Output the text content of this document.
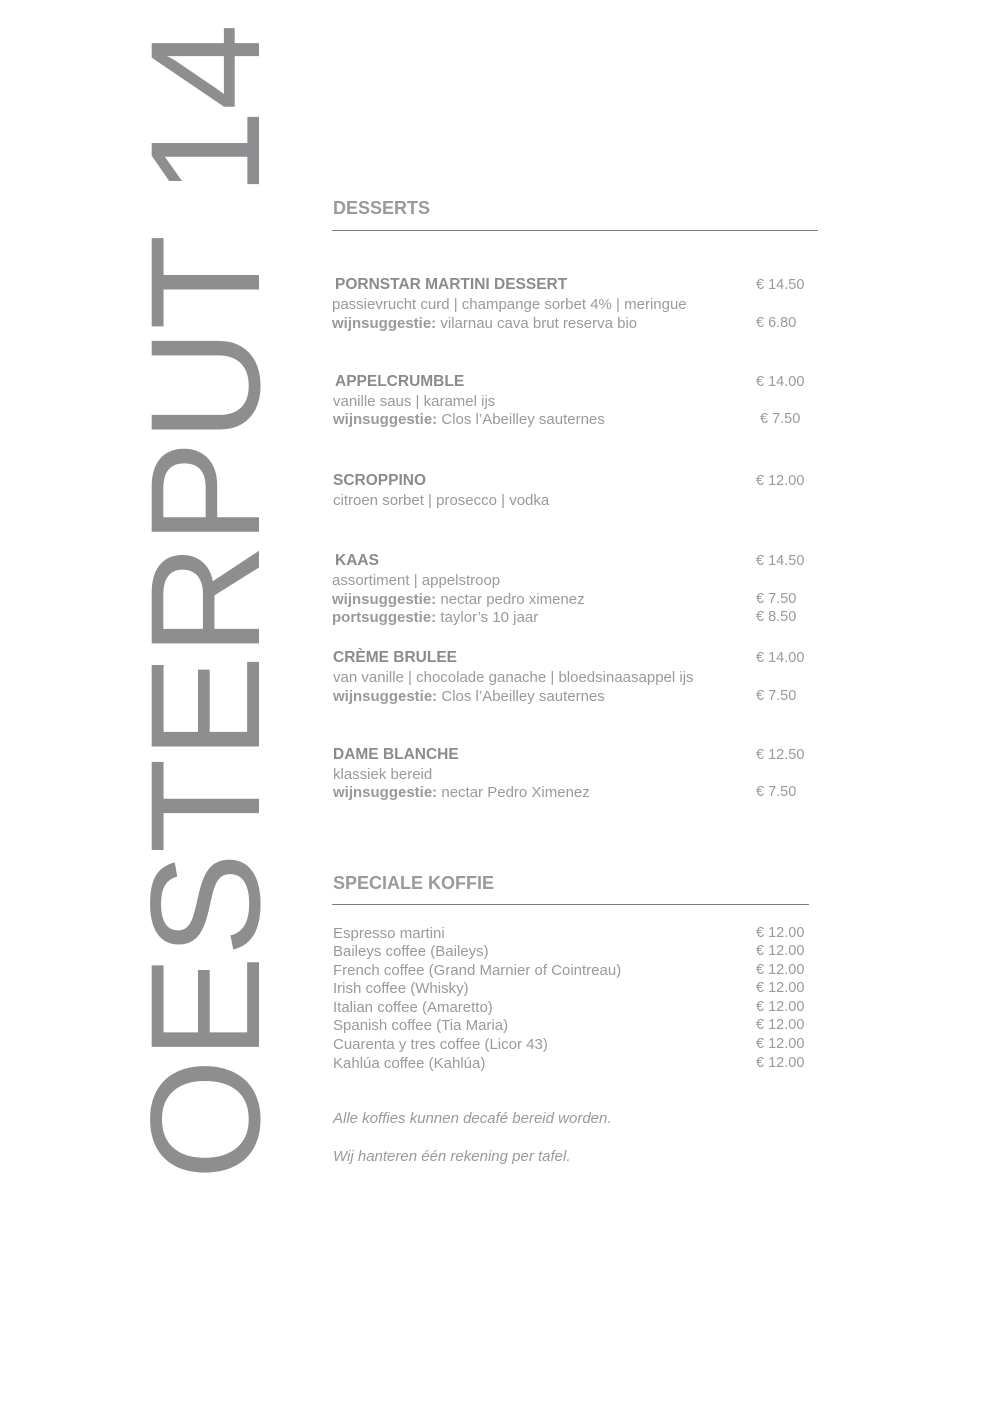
OESTERPUT 14 DESSERTS
PORNSTAR MARTINI DESSERT	€ 14.50
passievrucht curd | champange sorbet 4% | meringue
wijnsuggestie: vilarnau cava brut reserva bio	€ 6.80
APPELCRUMBLE	€ 14.00
vanille saus | karamel ijs
wijnsuggestie: Clos l’Abeilley sauternes	€ 7.50
SCROPPINO	€ 12.00
citroen sorbet | prosecco | vodka
KAAS	€ 14.50
assortiment | appelstroop
wijnsuggestie: nectar pedro ximenez	€ 7.50
portsuggestie: taylor’s 10 jaar	€ 8.50
CRÈME BRULEE	€ 14.00
van vanille | chocolade ganache | bloedsinaasappel ijs
wijnsuggestie: Clos l’Abeilley sauternes	€ 7.50
DAME BLANCHE	€ 12.50
klassiek bereid
wijnsuggestie: nectar Pedro Ximenez	€ 7.50
SPECIALE KOFFIE
Espresso martini	€ 12.00
Baileys coffee (Baileys)	€ 12.00
French coffee (Grand Marnier of Cointreau)	€ 12.00
Irish coffee (Whisky)	€ 12.00
Italian coffee (Amaretto)	€ 12.00
Spanish coffee (Tia Maria)	€ 12.00
Cuarenta y tres coffee (Licor 43)	€ 12.00
Kahlúa coffee (Kahlúa)	€ 12.00
Alle koffies kunnen decafé bereid worden.
Wij hanteren één rekening per tafel.
